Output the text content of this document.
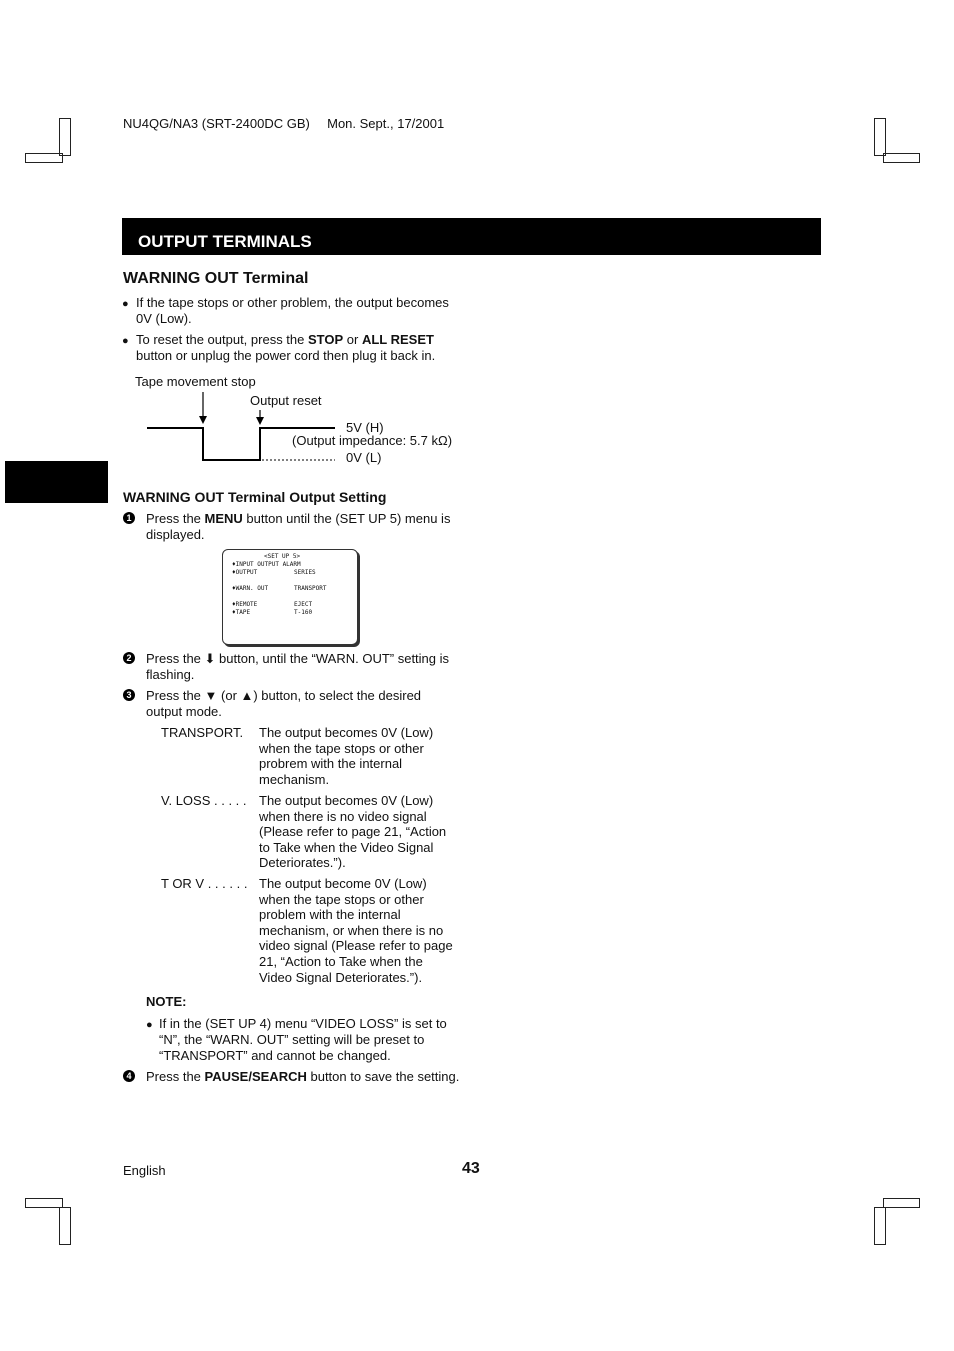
NU4QG/NA3 (SRT-2400DC GB) Mon. Sept., 17/2001
OUTPUT TERMINALS
WARNING OUT Terminal
● If the tape stops or other problem, the output becomes
0V (Low).
● To reset the output, press the STOP or ALL RESET
button or unplug the power cord then plug it back in.
Tape movement stop
Output reset
5V (H)
(Output impedance: 5.7 kΩ)
0V (L)
WARNING OUT Terminal Output Setting
1 Press the MENU button until the (SET UP 5) menu is
displayed.
<SET UP 5>
♦INPUT OUTPUT ALARM
♦OUTPUT	SERIES
♦WARN. OUT	TRANSPORT
♦REMOTE	EJECT
♦TAPE	T-160
2 Press the ⬇ button, until the “WARN. OUT” setting is
flashing.
3 Press the ▼ (or ▲) button, to select the desired
output mode.
TRANSPORT. The output becomes 0V (Low)
when the tape stops or other
probrem with the internal
mechanism.
V. LOSS . . . . . The output becomes 0V (Low)
when there is no video signal
(Please refer to page 21, “Action
to Take when the Video Signal
Deteriorates.”).
T OR V . . . . . . The output become 0V (Low)
when the tape stops or other
problem with the internal
mechanism, or when there is no
video signal (Please refer to page
21, “Action to Take when the
Video Signal Deteriorates.”).
NOTE:
● If in the (SET UP 4) menu “VIDEO LOSS” is set to
“N”, the “WARN. OUT” setting will be preset to
“TRANSPORT” and cannot be changed.
4 Press the PAUSE/SEARCH button to save the setting.
English	43
